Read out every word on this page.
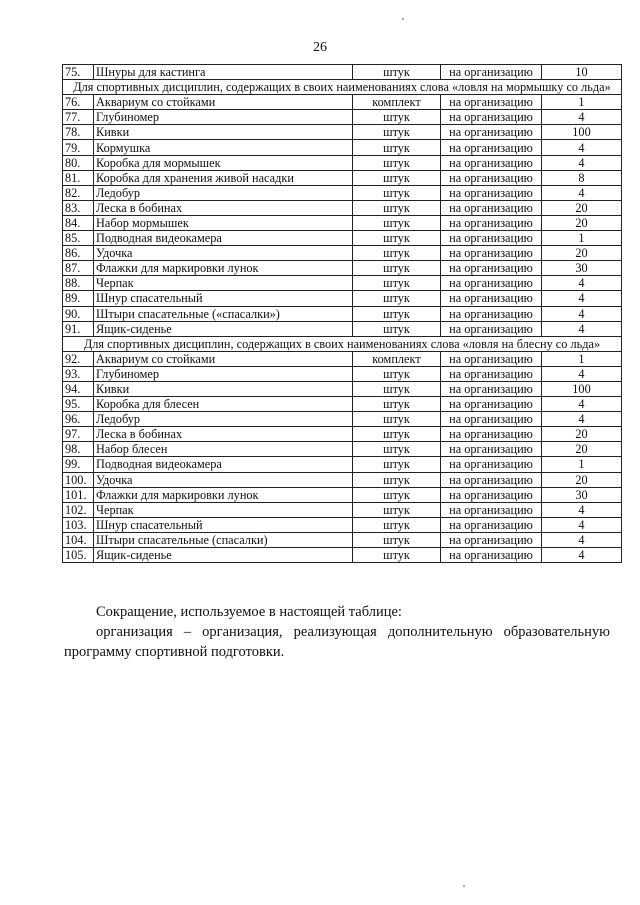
26
75.	Шнуры для кастинга	штук	на организацию	10
Для спортивных дисциплин, содержащих в своих наименованиях слова «ловля на мормышку со льда»				
76.	Аквариум со стойками	комплект	на организацию	1
77.	Глубиномер	штук	на организацию	4
78.	Кивки	штук	на организацию	100
79.	Кормушка	штук	на организацию	4
80.	Коробка для мормышек	штук	на организацию	4
81.	Коробка для хранения живой насадки	штук	на организацию	8
82.	Ледобур	штук	на организацию	4
83.	Леска в бобинах	штук	на организацию	20
84.	Набор мормышек	штук	на организацию	20
85.	Подводная видеокамера	штук	на организацию	1
86.	Удочка	штук	на организацию	20
87.	Флажки для маркировки лунок	штук	на организацию	30
88.	Черпак	штук	на организацию	4
89.	Шнур спасательный	штук	на организацию	4
90.	Штыри спасательные («спасалки»)	штук	на организацию	4
91.	Ящик-сиденье	штук	на организацию	4
Для спортивных дисциплин, содержащих в своих наименованиях слова «ловля на блесну со льда»				
92.	Аквариум со стойками	комплект	на организацию	1
93.	Глубиномер	штук	на организацию	4
94.	Кивки	штук	на организацию	100
95.	Коробка для блесен	штук	на организацию	4
96.	Ледобур	штук	на организацию	4
97.	Леска в бобинах	штук	на организацию	20
98.	Набор блесен	штук	на организацию	20
99.	Подводная видеокамера	штук	на организацию	1
100.	Удочка	штук	на организацию	20
101.	Флажки для маркировки лунок	штук	на организацию	30
102.	Черпак	штук	на организацию	4
103.	Шнур спасательный	штук	на организацию	4
104.	Штыри спасательные (спасалки)	штук	на организацию	4
105.	Ящик-сиденье	штук	на организацию	4
Сокращение, используемое в настоящей таблице:
организация – организация, реализующая дополнительную образовательную программу спортивной подготовки.
